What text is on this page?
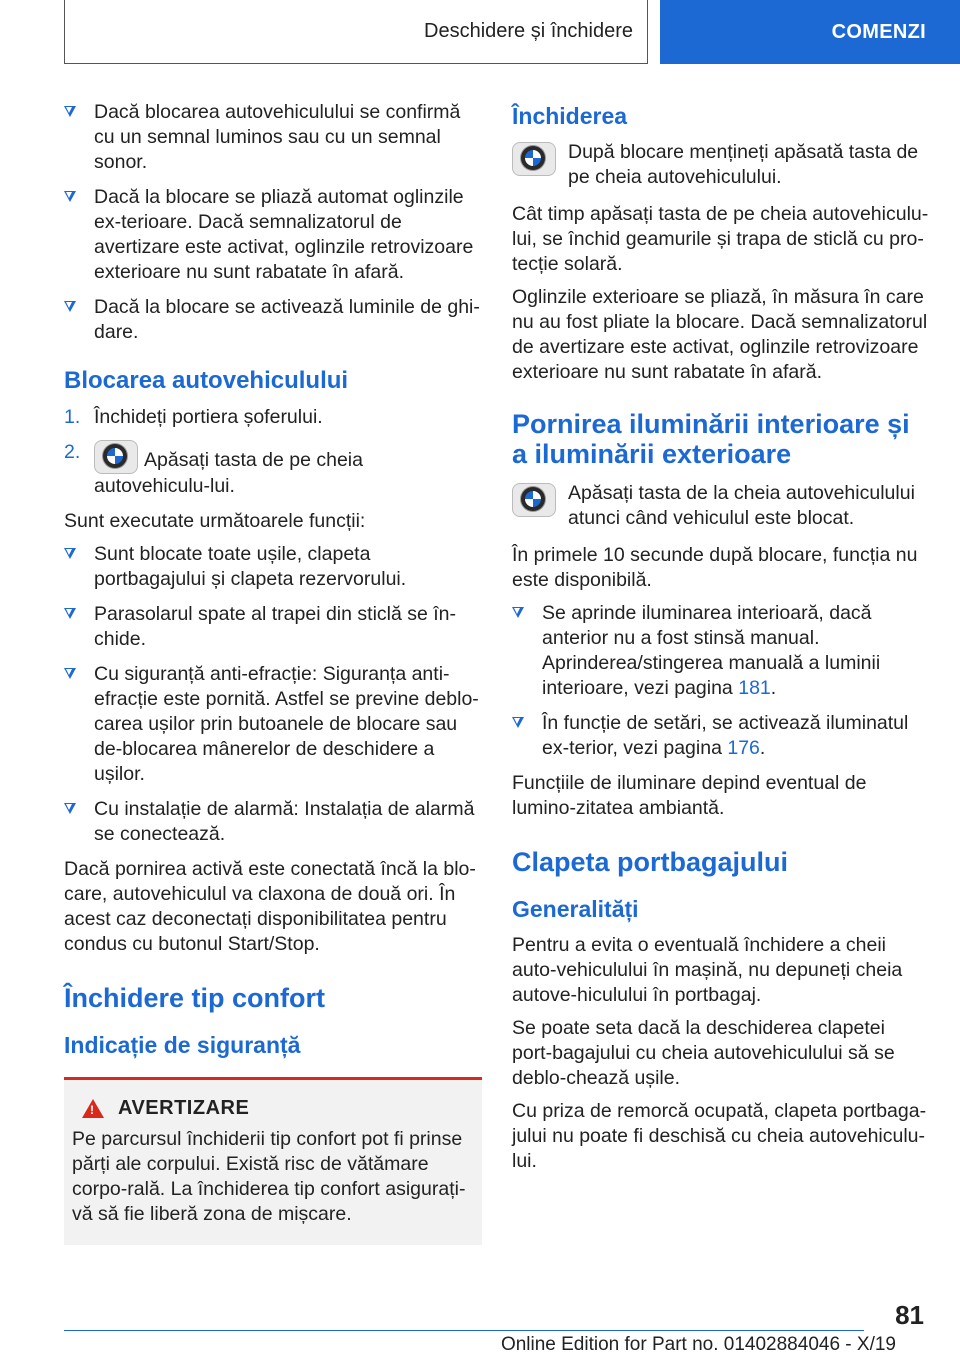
Deschidere și închidere	COMENZI
Dacă blocarea autovehiculului se confirmă cu un semnal luminos sau cu un semnal sonor.
Dacă la blocare se pliază automat oglinzile ex-terioare. Dacă semnalizatorul de avertizare este activat, oglinzile retrovizoare exterioare nu sunt rabatate în afară.
Dacă la blocare se activează luminile de ghi-dare.
Blocarea autovehiculului
1. Închideți portiera șoferului.
2.	Apăsați tasta de pe cheia autovehiculu-lui.

Sunt executate următoarele funcții:

Sunt blocate toate ușile, clapeta portbagajului și clapeta rezervorului.
Parasolarul spate al trapei din sticlă se în-chide.
Cu siguranță anti-efracție: Siguranța anti-efracție este pornită. Astfel se previne deblo-carea ușilor prin butoanele de blocare sau de-blocarea mânerelor de deschidere a ușilor.
Cu instalație de alarmă: Instalația de alarmă se conectează.

Dacă pornirea activă este conectată încă la blo-care, autovehiculul va claxona de două ori. În acest caz deconectați disponibilitatea pentru condus cu butonul Start/Stop.

Închidere tip confort
Indicație de siguranță
!
AVERTIZARE

Pe parcursul închiderii tip confort pot fi prinse părți ale corpului. Există risc de vătămare corpo-rală. La închiderea tip confort asigurați-vă să fie liberă zona de mișcare.

Închiderea
După blocare mențineți apăsată tasta de pe cheia autovehiculului.

Cât timp apăsați tasta de pe cheia autovehiculu-lui, se închid geamurile și trapa de sticlă cu pro-tecție solară.

Oglinzile exterioare se pliază, în măsura în care nu au fost pliate la blocare. Dacă semnalizatorul de avertizare este activat, oglinzile retrovizoare exterioare nu sunt rabatate în afară.

Pornirea iluminării interioare și a iluminării exterioare
Apăsați tasta de la cheia autovehiculului atunci când vehiculul este blocat.

În primele 10 secunde după blocare, funcția nu este disponibilă.

Se aprinde iluminarea interioară, dacă anterior nu a fost stinsă manual. Aprinderea/stingerea manuală a luminii interioare, vezi pagina 181.
În funcție de setări, se activează iluminatul ex-terior, vezi pagina 176.

Funcțiile de iluminare depind eventual de lumino-zitatea ambiantă.

Clapeta portbagajului
Generalități

Pentru a evita o eventuală închidere a cheii auto-vehiculului în mașină, nu depuneți cheia autove-hiculului în portbagaj.

Se poate seta dacă la deschiderea clapetei port-bagajului cu cheia autovehiculului să se deblo-chează ușile.

Cu priza de remorcă ocupată, clapeta portbaga-jului nu poate fi deschisă cu cheia autovehiculu-lui.

81
Online Edition for Part no. 01402884046 - X/19
